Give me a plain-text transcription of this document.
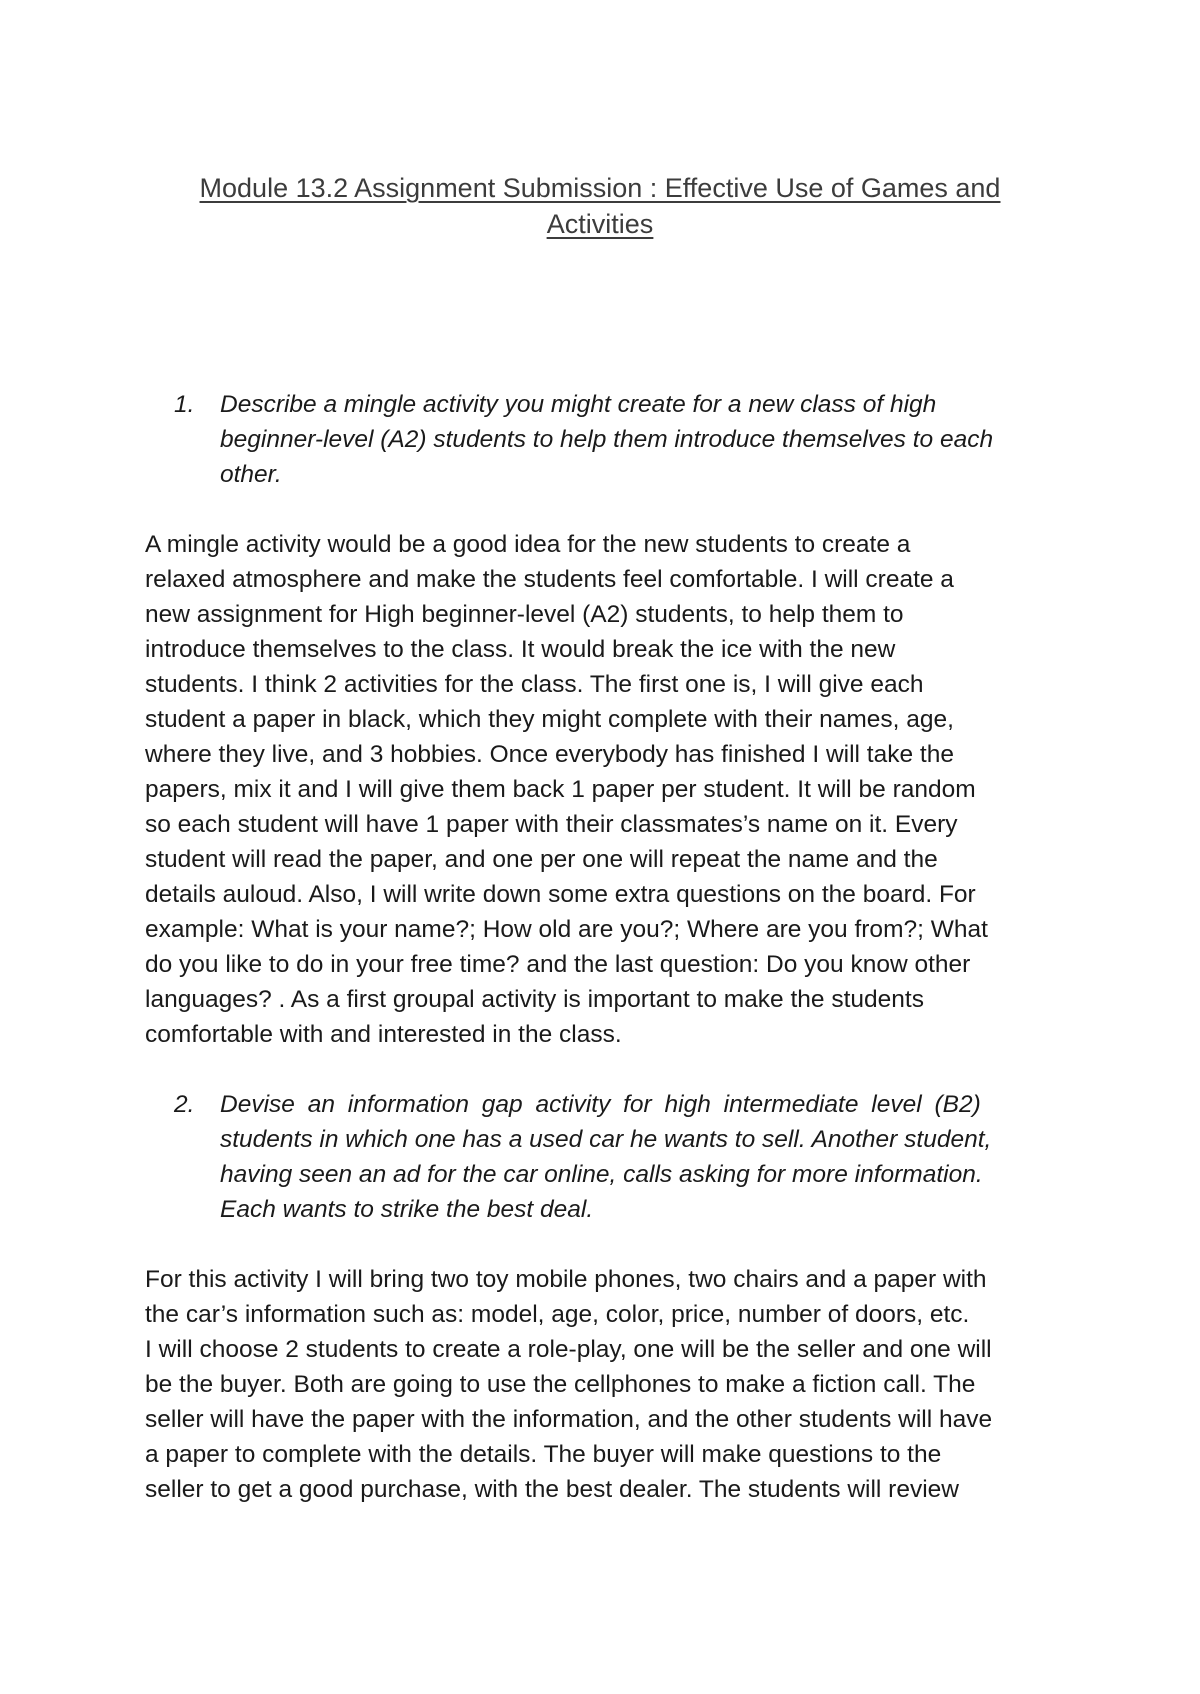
Module 13.2 Assignment Submission : Effective Use of Games and
Activities
1. Describe a mingle activity you might create for a new class of high
beginner-level (A2) students to help them introduce themselves to each
other.
A mingle activity would be a good idea for the new students to create a
relaxed atmosphere and make the students feel comfortable. I will create a
new assignment for High beginner-level (A2) students, to help them to
introduce themselves to the class. It would break the ice with the new
students. I think 2 activities for the class. The first one is, I will give each
student a paper in black, which they might complete with their names, age,
where they live, and 3 hobbies. Once everybody has finished I will take the
papers, mix it and I will give them back 1 paper per student. It will be random
so each student will have 1 paper with their classmates’s name on it. Every
student will read the paper, and one per one will repeat the name and the
details auloud. Also, I will write down some extra questions on the board. For
example: What is your name?; How old are you?; Where are you from?; What
do you like to do in your free time? and the last question: Do you know other
languages? . As a first groupal activity is important to make the students
comfortable with and interested in the class.
2. Devise an information gap activity for high intermediate level (B2)
students in which one has a used car he wants to sell. Another student,
having seen an ad for the car online, calls asking for more information.
Each wants to strike the best deal.
For this activity I will bring two toy mobile phones, two chairs and a paper with
the car’s information such as: model, age, color, price, number of doors, etc.
I will choose 2 students to create a role-play, one will be the seller and one will
be the buyer. Both are going to use the cellphones to make a fiction call. The
seller will have the paper with the information, and the other students will have
a paper to complete with the details. The buyer will make questions to the
seller to get a good purchase, with the best dealer. The students will review
